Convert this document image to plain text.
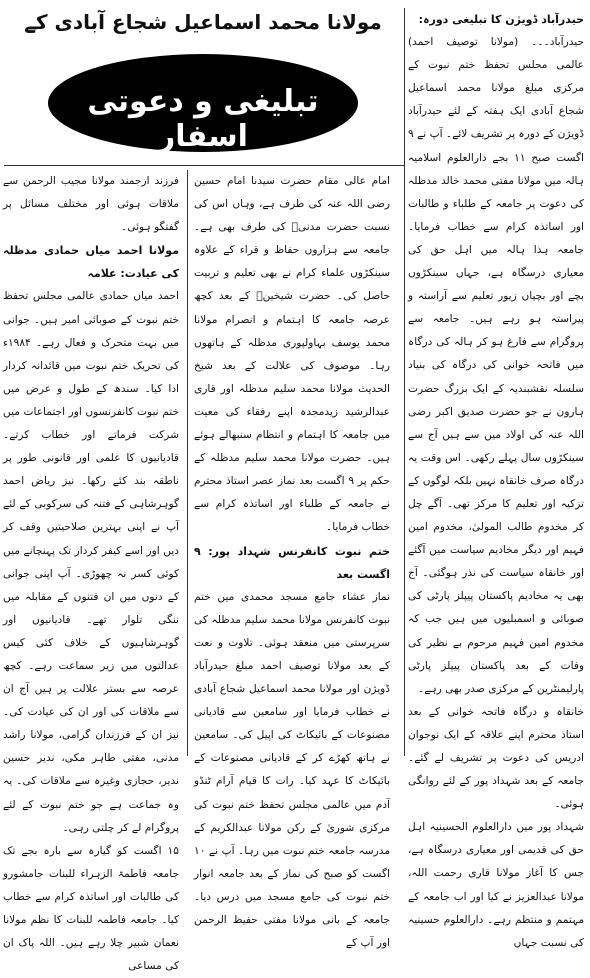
مولانا محمد اسماعیل شجاع آبادی کے
تبلیغی و دعوتی اسفار
حیدرآباد ڈویژن کا تبلیغی دورہ:

حیدرآباد۔۔۔ (مولانا توصیف احمد) عالمی مجلس تحفظ ختم نبوت کے مرکزی مبلغ مولانا محمد اسماعیل شجاع آبادی ایک ہفتہ کے لئے حیدرآباد ڈویژن کے دورہ پر تشریف لائے۔ آپ نے ۹ اگست صبح ۱۱ بجے دارالعلوم اسلامیہ ہالہ میں مولانا مفتی محمد خالد مدظلہ کی دعوت پر جامعہ کے طلباء و طالبات اور اساتذہ کرام سے خطاب فرمایا۔ جامعہ ہذا ہالہ میں اہل حق کی معیاری درسگاہ ہے، جہاں سینکڑوں بچے اور بچیاں زیور تعلیم سے آراستہ و پیراستہ ہو رہے ہیں۔ جامعہ سے پروگرام سے فارغ ہو کر ہالہ کی درگاہ میں فاتحہ خوانی کی درگاہ کی بنیاد سلسلہ نقشبندیہ کے ایک بزرگ حضرت ہارون نے جو حضرت صدیق اکبر رضی اللہ عنہ کی اولاد میں سے ہیں آج سے سینکڑوں سال پہلے رکھی۔ اس وقت یہ درگاہ صرف خانقاہ نہیں بلکہ لوگوں کے تزکیہ اور تعلیم کا مرکز تھی۔ آگے چل کر مخدوم طالب المولیٰ، مخدوم امین فہیم اور دیگر مخادیم سیاست میں آگئے اور خانقاہ سیاست کی نذر ہوگئی۔ آج بھی یہ مخادیم پاکستان پیپلز پارٹی کی صوبائی و اسمبلیوں میں ہیں جب کہ مخدوم امین فہیم مرحوم بے نظیر کی وفات کے بعد پاکستان پیپلز پارٹی پارلیمنٹرین کے مرکزی صدر بھی رہے۔

خانقاہ و درگاہ فاتحہ خوانی کے بعد استاذ محترم اپنے علاقہ کے ایک نوجوان ادریس کی دعوت پر تشریف لے گئے۔ جامعہ کے بعد شہداد پور کے لئے روانگی ہوئی۔

شہداد پور میں دارالعلوم الحسینیہ اہل حق کی قدیمی اور معیاری درسگاہ ہے، جس کا آغاز مولانا قاری رحمت اللہ، مولانا عبدالعزیز نے کیا اور اب جامعہ کے مہتمم و منتظم رہے۔ دارالعلوم حسینیہ کی نسبت جہاں

امام عالی مقام حضرت سیدنا امام حسین رضی اللہ عنہ کی طرف ہے، وہاں اس کی نسبت حضرت مدنیؒ کی طرف بھی ہے۔ جامعہ سے ہزاروں حفاظ و قراء کے علاوہ سینکڑوں علماء کرام نے بھی تعلیم و تربیت حاصل کی۔ حضرت شیخینؒ کے بعد کچھ عرصہ جامعہ کا اہتمام و انصرام مولانا محمد یوسف بہاولپوری مدظلہ کے ہاتھوں رہا۔ موصوف کی علالت کے بعد شیخ الحدیث مولانا محمد سلیم مدظلہ اور قاری عبدالرشید زیدمجدہ اپنے رفقاء کی معیت میں جامعہ کا اہتمام و انتظام سنبھالے ہوئے ہیں۔ حضرت مولانا محمد سلیم مدظلہ کے حکم پر ۹ اگست بعد نماز عصر استاذ محترم نے جامعہ کے طلباء اور اساتذہ کرام سے خطاب فرمایا۔

ختم نبوت کانفرنس شہداد پور: ۹ اگست بعد

نماز عشاء جامع مسجد محمدی میں ختم نبوت کانفرنس مولانا محمد سلیم مدظلہ کی سرپرستی میں منعقد ہوئی۔ تلاوت و نعت کے بعد مولانا توصیف احمد مبلغ حیدرآباد ڈویژن اور مولانا محمد اسماعیل شجاع آبادی نے خطاب فرمایا اور سامعین سے قادیانی مصنوعات کے بائیکاٹ کی اپیل کی۔ سامعین نے ہاتھ کھڑے کر کے قادیانی مصنوعات کے بائیکاٹ کا عہد کیا۔ رات کا قیام آرام ٹنڈو آدم میں عالمی مجلس تحفظ ختم نبوت کی مرکزی شوریٰ کے رکن مولانا عبدالکریم کے مدرسہ جامعہ ختم نبوت میں رہا۔ آپ نے ۱۰ اگست کو صبح کی نماز کے بعد جامعہ انوار ختم نبوت کی جامع مسجد میں درس دیا۔ جامعہ کے بانی مولانا مفتی حفیظ الرحمن اور آپ کے

فرزند ارجمند مولانا مجیب الرحمن سے ملاقات ہوئی اور مختلف مسائل پر گفتگو ہوئی۔

مولانا احمد میاں حمادی مدظلہ کی عیادت: علامہ

احمد میاں حمادی عالمی مجلس تحفظ ختم نبوت کے صوبائی امیر ہیں۔ جوانی میں بہت متحرک و فعال رہے۔ ۱۹۸۴ء کی تحریک ختم نبوت میں قائدانہ کردار ادا کیا۔ سندھ کے طول و عرض میں ختم نبوت کانفرنسوں اور اجتماعات میں شرکت فرماتے اور خطاب کرتے۔ قادیانیوں کا علمی اور قانونی طور پر ناطقہ بند کئے رکھا۔ نیز ریاض احمد گوہرشاہی کے فتنہ کی سرکوبی کے لئے آپ نے اپنی بہترین صلاحیتیں وقف کر دیں اور اسے کیفر کردار تک پہنچانے میں کوئی کسر نہ چھوڑی۔ آپ اپنی جوانی کے دنوں میں ان فتنوں کے مقابلہ میں ننگی تلوار تھے۔ قادیانیوں اور گوہرشاہیوں کے خلاف کئی کیس عدالتوں میں زیر سماعت رہے۔ کچھ عرصہ سے بستر علالت پر ہیں آج ان سے ملاقات کی اور ان کی عیادت کی۔ نیز ان کے فرزندان گرامی، مولانا راشد مدنی، مفتی طاہر مکی، ندیر حسین ندیر، حجازی وغیرہ سے ملاقات کی۔ یہ وہ جماعت ہے جو ختم نبوت کے لئے پروگرام لے کر چلتی رہی۔

۱۵ اگست کو گیارہ سے بارہ بجے تک جامعہ فاطمۃ الزہراء للبنات جامشورو کی طالبات اور اساتذہ کرام سے خطاب کیا۔ جامعہ فاطمہ للبنات کا نظم مولانا نعمان شبیر چلا رہے ہیں۔ اللہ پاک ان کی مساعی
